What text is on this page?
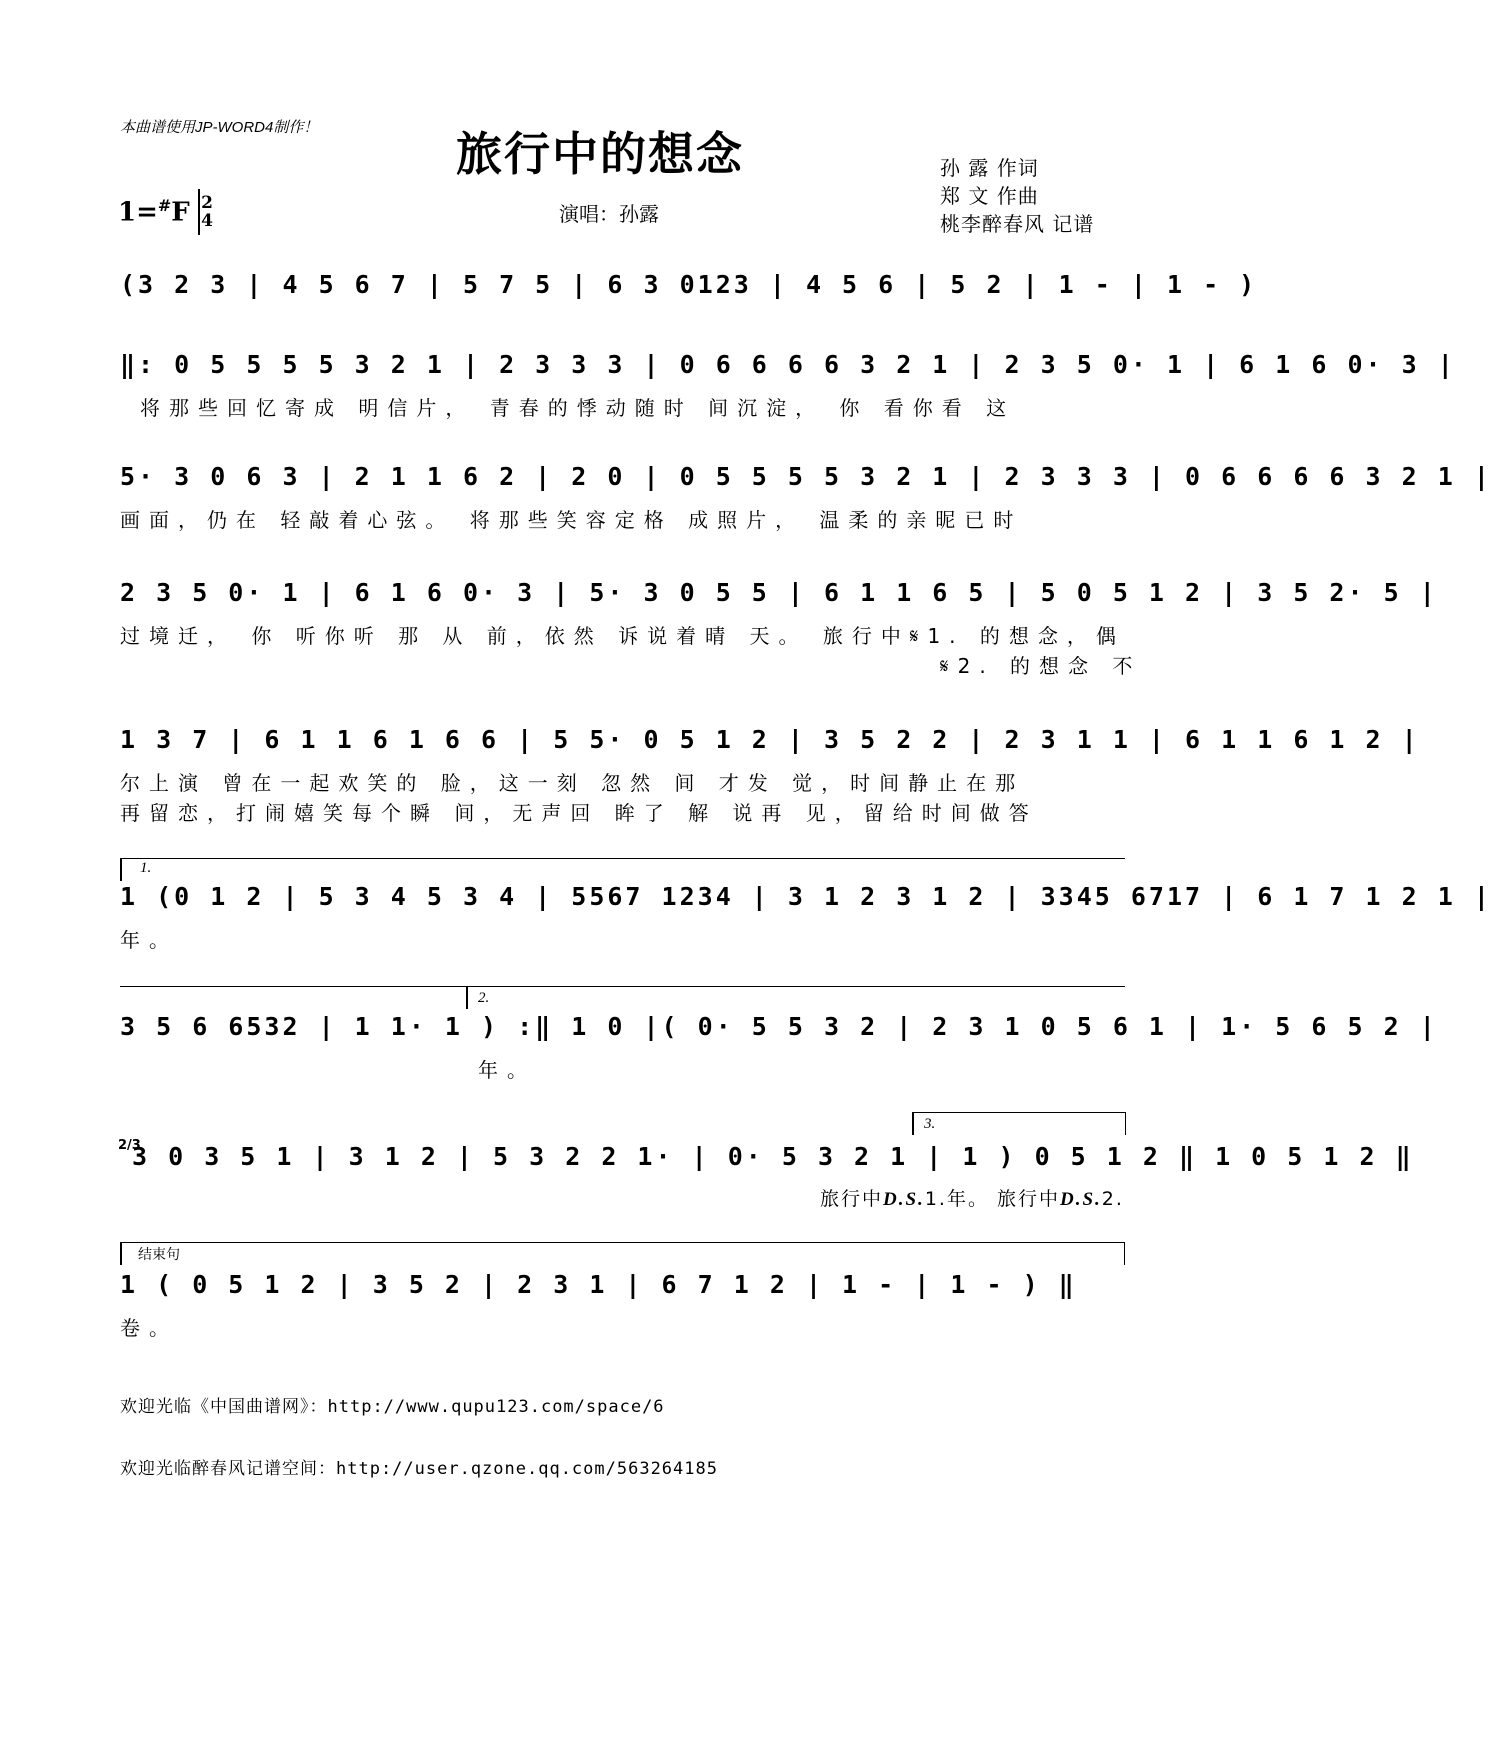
本曲谱使用JP-WORD4制作！	旅行中的想念	孙 露 作词
郑 文 作曲
桃李醉春风 记谱
1=#F 2
4	演唱：孙露
(3 2 3 | 4 5 6 7 | 5 7 5 | 6 3 0123 | 4 5 6 | 5 2 | 1 - | 1 - )
‖: 0 5 5 5 5 3 2 1 | 2 3 3 3 | 0 6 6 6 6 3 2 1 | 2 3 5 0· 1 | 6 1 6 0· 3 |
将那些回忆寄成 明信片， 青春的悸动随时 间沉淀， 你 看你看 这
5· 3 0 6 3 | 2 1 1 6 2 | 2 0 | 0 5 5 5 5 3 2 1 | 2 3 3 3 | 0 6 6 6 6 3 2 1 |
画面，仍在 轻敲着心弦。 将那些笑容定格 成照片， 温柔的亲昵已时
2 3 5 0· 1 | 6 1 6 0· 3 | 5· 3 0 5 5 | 6 1 1 6 5 | 5 0 5 1 2 | 3 5 2· 5 |
过境迁， 你 听你听 那 从 前，依然 诉说着晴 天。 旅行中𝄋1. 的想念，偶
𝄋2. 的想念 不
1 3 7 | 6 1 1 6 1 6 6 | 5 5· 0 5 1 2 | 3 5 2 2 | 2 3 1 1 | 6 1 1 6 1 2 |
尔上演 曾在一起欢笑的 脸，这一刻 忽然 间 才发 觉，时间静止在那
再留恋，打闹嬉笑每个瞬 间，无声回 眸了 解 说再 见，留给时间做答
1.
1 (0 1 2 | 5 3 4 5 3 4 | 5567 1234 | 3 1 2 3 1 2 | 3345 6717 | 6 1 7 1 2 1 |
年。
2.
3 5 6 6532 | 1 1· 1 ) :‖ 1 0 |( 0· 5 5 3 2 | 2 3 1 0 5 6 1 | 1· 5 6 5 2 |
年。
3.
2/3
3 0 3 5 1 | 3 1 2 | 5 3 2 2 1· | 0· 5 3 2 1 | 1 ) 0 5 1 2 ‖ 1 0 5 1 2 ‖
旅行中D.S.1.年。 旅行中D.S.2.
结束句
1 ( 0 5 1 2 | 3 5 2 | 2 3 1 | 6 7 1 2 | 1 - | 1 - ) ‖
卷。
欢迎光临《中国曲谱网》：http://www.qupu123.com/space/6
欢迎光临醉春风记谱空间：http://user.qzone.qq.com/563264185
